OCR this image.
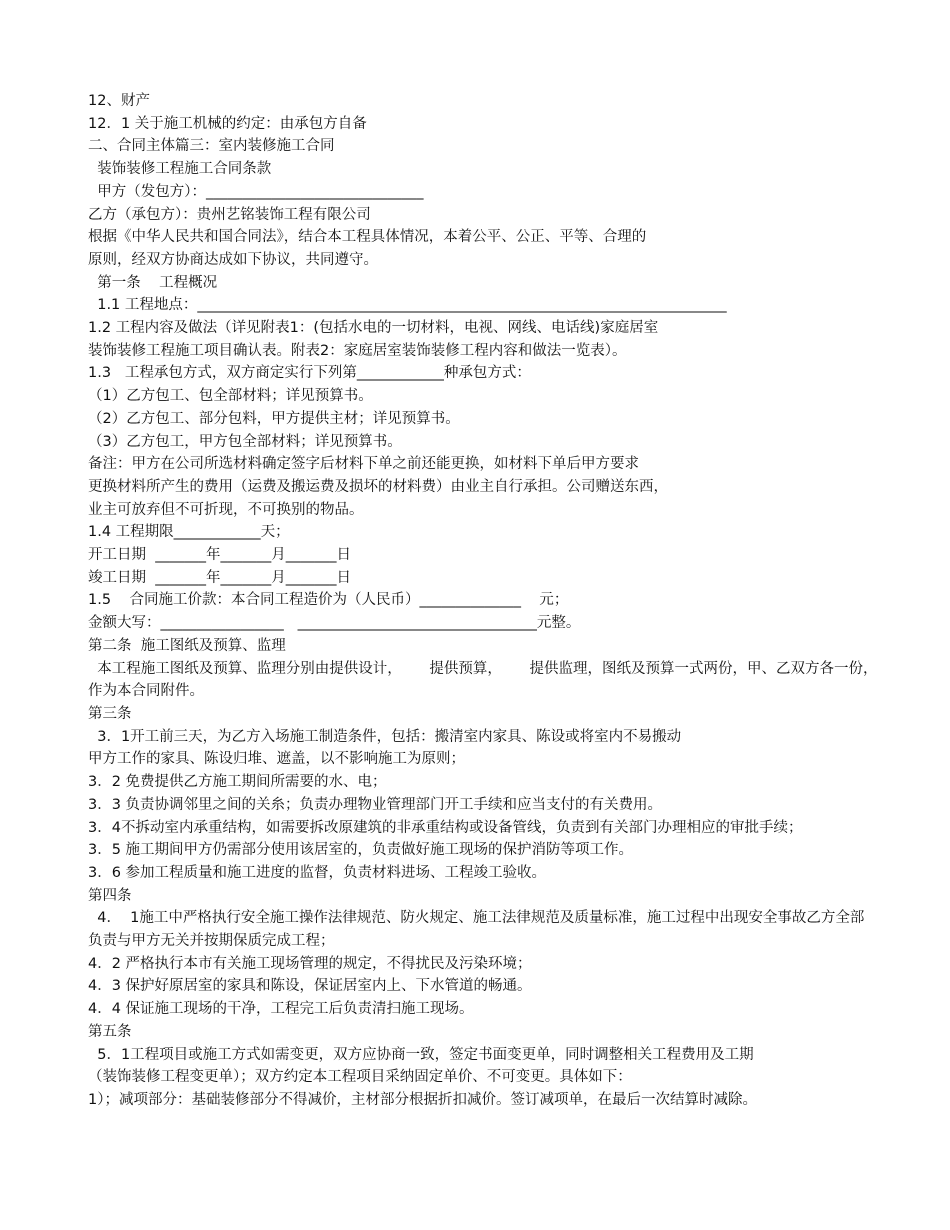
12、财产
12．1 关于施工机械的约定：由承包方自备
二、合同主体篇三：室内装修施工合同
装饰装修工程施工合同条款
甲方（发包方）：______________________________
乙方（承包方）：贵州艺铭装饰工程有限公司
根据《中华人民共和国合同法》，结合本工程具体情况，本着公平、公正、平等、合理的
原则，经双方协商达成如下协议，共同遵守。
第一条    工程概况
1.1 工程地点：_________________________________________________________________________
1.2 工程内容及做法（详见附表1：(包括水电的一切材料，电视、网线、电话线)家庭居室
装饰装修工程施工项目确认表。附表2：家庭居室装饰装修工程内容和做法一览表）。
1.3   工程承包方式，双方商定实行下列第____________种承包方式：
（1）乙方包工、包全部材料；详见预算书。
（2）乙方包工、部分包料，甲方提供主材；详见预算书。
（3）乙方包工，甲方包全部材料；详见预算书。
备注：甲方在公司所选材料确定签字后材料下单之前还能更换，如材料下单后甲方要求
更换材料所产生的费用（运费及搬运费及损坏的材料费）由业主自行承担。公司赠送东西，
业主可放弃但不可折现，不可换别的物品。
1.4 工程期限____________天；
开工日期  _______年_______月_______日
竣工日期  _______年_______月_______日
1.5    合同施工价款：本合同工程造价为（人民币）______________    元；
金额大写：_________________   _________________________________元整。
第二条  施工图纸及预算、监理
本工程施工图纸及预算、监理分别由提供设计，      提供预算，      提供监理，图纸及预算一式两份，甲、乙双方各一份，作为本合同附件。
第三条
3．1开工前三天，为乙方入场施工制造条件，包括：搬清室内家具、陈设或将室内不易搬动
甲方工作的家具、陈设归堆、遮盖，以不影响施工为原则；
3．2 免费提供乙方施工期间所需要的水、电；
3．3 负责协调邻里之间的关糸；负责办理物业管理部门开工手续和应当支付的有关费用。
3．4不拆动室内承重结构，如需要拆改原建筑的非承重结构或设备管线，负责到有关部门办理相应的审批手续；
3．5 施工期间甲方仍需部分使用该居室的，负责做好施工现场的保护消防等项工作。
3．6 参加工程质量和施工进度的监督，负责材料进场、工程竣工验收。
第四条
4．  1施工中严格执行安全施工操作法律规范、防火规定、施工法律规范及质量标准，施工过程中出现安全事故乙方全部负责与甲方无关并按期保质完成工程；
4．2 严格执行本市有关施工现场管理的规定，不得扰民及污染环境；
4．3 保护好原居室的家具和陈设，保证居室内上、下水管道的畅通。
4．4 保证施工现场的干净，工程完工后负责清扫施工现场。
第五条
5．1工程项目或施工方式如需变更，双方应协商一致，签定书面变更单，同时调整相关工程费用及工期
（装饰装修工程变更单）；双方约定本工程项目采纳固定单价、不可变更。具体如下：
1）；减项部分：基础装修部分不得减价，主材部分根据折扣减价。签订减项单，在最后一次结算时减除。
